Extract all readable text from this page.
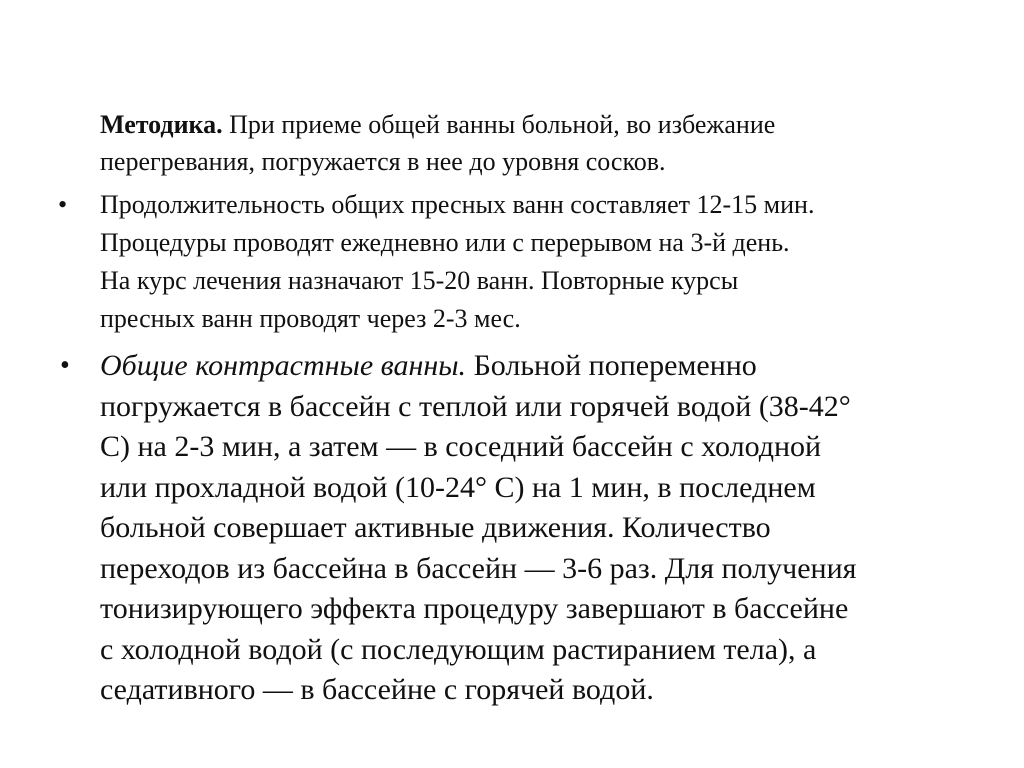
Методика. При приеме общей ванны больной, во избежание
перегревания, погружается в нее до уровня сосков.

• Продолжительность общих пресных ванн составляет 12-15 мин.
Процедуры проводят ежедневно или с перерывом на 3-й день.
На курс лечения назначают 15-20 ванн. Повторные курсы
пресных ванн проводят через 2-3 мес.

• Общие контрастные ванны. Больной попеременно
погружается в бассейн с теплой или горячей водой (38-42°
С) на 2-3 мин, а затем — в соседний бассейн с холодной
или прохладной водой (10-24° С) на 1 мин, в последнем
больной совершает активные движения. Количество
переходов из бассейна в бассейн — 3-6 раз. Для получения
тонизирующего эффекта процедуру завершают в бассейне
с холодной водой (с последующим растиранием тела), а
седативного — в бассейне с горячей водой.
